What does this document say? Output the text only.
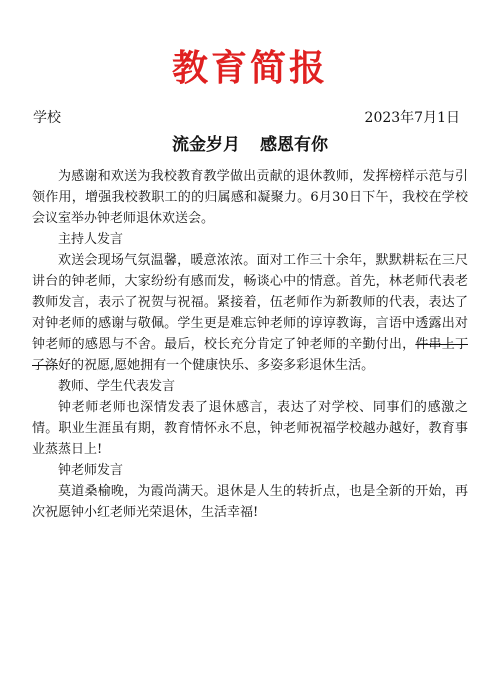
教育简报
学校	2023年7月1日
流金岁月 感恩有你

为感谢和欢送为我校教育教学做出贡献的退休教师，发挥榜样示范与引领作用，增强我校教职工的的归属感和凝聚力。6月30日下午，我校在学校会议室举办钟老师退休欢送会。

主持人发言

欢送会现场气氛温馨，暖意浓浓。面对工作三十余年，默默耕耘在三尺讲台的钟老师，大家纷纷有感而发，畅谈心中的情意。首先，林老师代表老教师发言，表示了祝贺与祝福。紧接着，伍老师作为新教师的代表，表达了对钟老师的感谢与敬佩。学生更是难忘钟老师的谆谆教诲，言语中透露出对钟老师的感恩与不舍。最后，校长充分肯定了钟老师的辛勤付出，件串上丁了涤好的祝愿,愿她拥有一个健康快乐、多姿多彩退休生活。

教师、学生代表发言

钟老师老师也深情发表了退休感言，表达了对学校、同事们的感激之情。职业生涯虽有期，教育情怀永不息，钟老师祝福学校越办越好，教育事业蒸蒸日上!

钟老师发言

莫道桑榆晚，为霞尚满天。退休是人生的转折点，也是全新的开始，再次祝愿钟小红老师光荣退休，生活幸福!
